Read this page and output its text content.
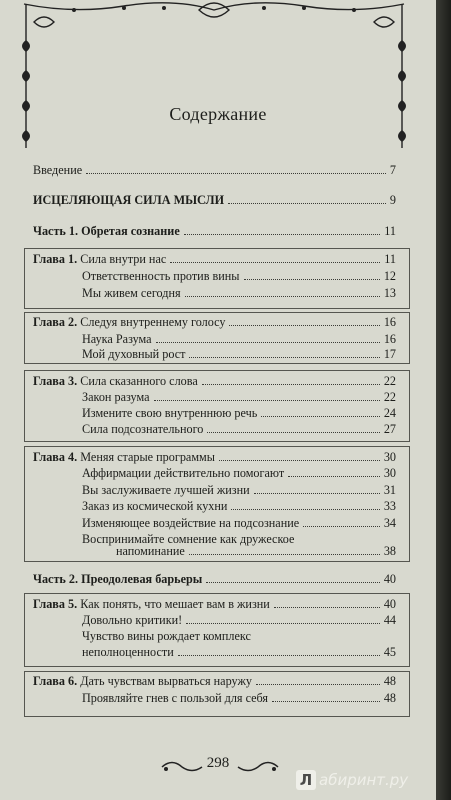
Содержание
Введение	7
ИСЦЕЛЯЮЩАЯ СИЛА МЫСЛИ	9
Часть 1. Обретая сознание	11
Глава 1. Сила внутри нас	11
Ответственность против вины	12
Мы живем сегодня	13
Глава 2. Следуя внутреннему голосу	16
Наука Разума	16
Мой духовный рост	17
Глава 3. Сила сказанного слова	22
Закон разума	22
Измените свою внутреннюю речь	24
Сила подсознательного	27
Глава 4. Меняя старые программы	30
Аффирмации действительно помогают	30
Вы заслуживаете лучшей жизни	31
Заказ из космической кухни	33
Изменяющее воздействие на подсознание	34
Воспринимайте сомнение как дружеское
напоминание	38
Часть 2. Преодолевая барьеры	40
Глава 5. Как понять, что мешает вам в жизни	40
Довольно критики!	44
Чувство вины рождает комплекс
неполноценности	45
Глава 6. Дать чувствам вырваться наружу	48
Проявляйте гнев с пользой для себя	48
298
Л абиринт.ру
